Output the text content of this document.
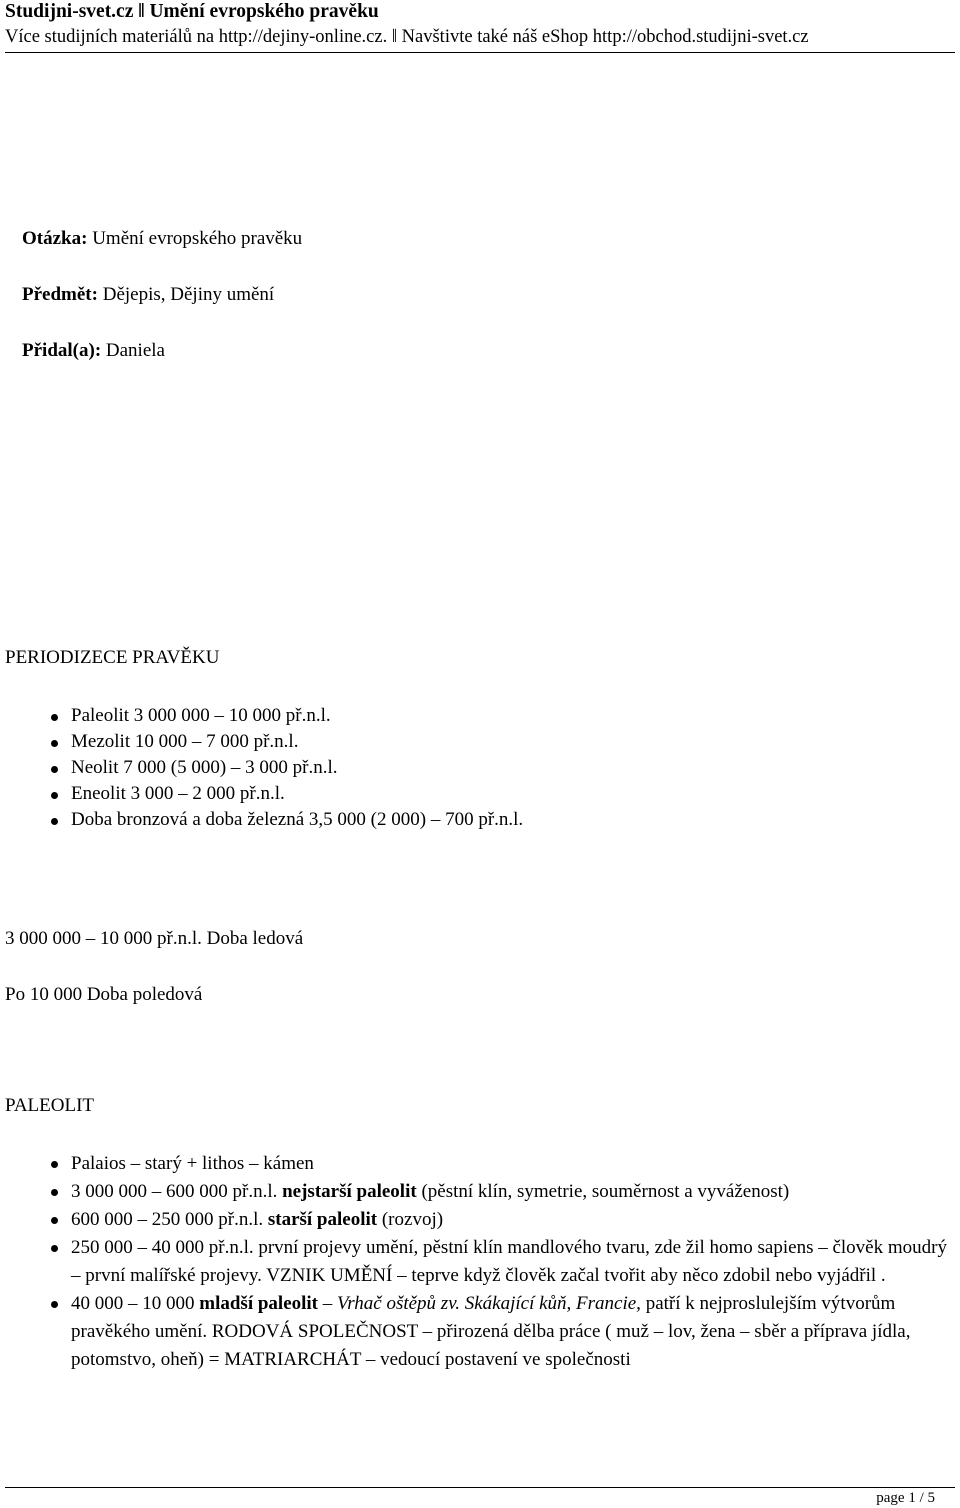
Studijni-svet.cz ǁ Umění evropského pravěku
Více studijních materiálů na http://dejiny-online.cz. ǁ Navštivte také náš eShop http://obchod.studijni-svet.cz
Otázka: Umění evropského pravěku
Předmět: Dějepis, Dějiny umění
Přidal(a): Daniela
PERIODIZECE PRAVĚKU
Paleolit 3 000 000 – 10 000 př.n.l.
Mezolit 10 000 – 7 000 př.n.l.
Neolit 7 000 (5 000) – 3 000 př.n.l.
Eneolit 3 000 – 2 000 př.n.l.
Doba bronzová a doba železná 3,5 000 (2 000) – 700 př.n.l.
3 000 000 – 10 000 př.n.l. Doba ledová
Po 10 000 Doba poledová
PALEOLIT
Palaios – starý + lithos – kámen
3 000 000 – 600 000 př.n.l. nejstarší paleolit (pěstní klín, symetrie, souměrnost a vyváženost)
600 000 – 250 000 př.n.l. starší paleolit (rozvoj)
250 000 – 40 000 př.n.l. první projevy umění, pěstní klín mandlového tvaru, zde žil homo sapiens – člověk moudrý – první malířské projevy. VZNIK UMĚNÍ – teprve když člověk začal tvořit aby něco zdobil nebo vyjádřil .
40 000 – 10 000 mladší paleolit – Vrhač oštěpů zv. Skákající kůň, Francie, patří k nejproslulejším výtvorům pravěkého umění. RODOVÁ SPOLEČNOST – přirozená dělba práce ( muž – lov, žena – sběr a příprava jídla, potomstvo, oheň) = MATRIARCHÁT – vedoucí postavení ve společnosti
page 1 / 5
